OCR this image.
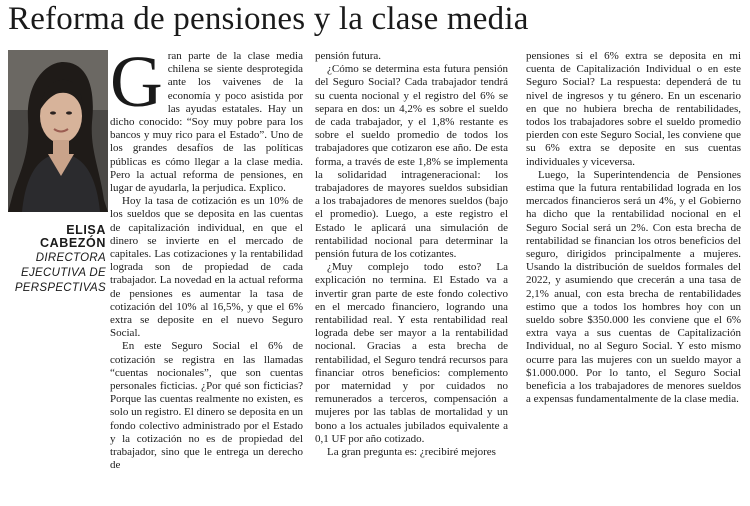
Reforma de pensiones y la clase media
ELISA
CABEZÓN
DIRECTORA
EJECUTIVA DE
PERSPECTIVAS

Gran parte de la clase media chilena se siente desprotegida ante los vaivenes de la economía y poco asistida por las ayudas estatales. Hay un dicho conocido: “Soy muy pobre para los bancos y muy rico para el Estado”. Uno de los grandes desafíos de las políticas públicas es cómo llegar a la clase media. Pero la actual reforma de pensiones, en lugar de ayudarla, la perjudica. Explico.

Hoy la tasa de cotización es un 10% de los sueldos que se deposita en las cuentas de capitalización individual, en que el dinero se invierte en el mercado de capitales. Las cotizaciones y la rentabilidad lograda son de propiedad de cada trabajador. La novedad en la actual reforma de pensiones es aumentar la tasa de cotización del 10% al 16,5%, y que el 6% extra se deposite en el nuevo Seguro Social.

En este Seguro Social el 6% de cotización se registra en las llamadas “cuentas nocionales”, que son cuentas personales ficticias. ¿Por qué son ficticias? Porque las cuentas realmente no existen, es solo un registro. El dinero se deposita en un fondo colectivo administrado por el Estado y la cotización no es de propiedad del trabajador, sino que le entrega un derecho de

pensión futura.

¿Cómo se determina esta futura pensión del Seguro Social? Cada trabajador tendrá su cuenta nocional y el registro del 6% se separa en dos: un 4,2% es sobre el sueldo de cada trabajador, y el 1,8% restante es sobre el sueldo promedio de todos los trabajadores que cotizaron ese año. De esta forma, a través de este 1,8% se implementa la solidaridad intrageneracional: los trabajadores de mayores sueldos subsidian a los trabajadores de menores sueldos (bajo el promedio). Luego, a este registro el Estado le aplicará una simulación de rentabilidad nocional para determinar la pensión futura de los cotizantes.

¿Muy complejo todo esto? La explicación no termina. El Estado va a invertir gran parte de este fondo colectivo en el mercado financiero, logrando una rentabilidad real. Y esta rentabilidad real lograda debe ser mayor a la rentabilidad nocional. Gracias a esta brecha de rentabilidad, el Seguro tendrá recursos para financiar otros beneficios: complemento por maternidad y por cuidados no remunerados a terceros, compensación a mujeres por las tablas de mortalidad y un bono a los actuales jubilados equivalente a 0,1 UF por año cotizado.

La gran pregunta es: ¿recibiré mejores

pensiones si el 6% extra se deposita en mi cuenta de Capitalización Individual o en este Seguro Social? La respuesta: dependerá de tu nivel de ingresos y tu género. En un escenario en que no hubiera brecha de rentabilidades, todos los trabajadores sobre el sueldo promedio pierden con este Seguro Social, les conviene que su 6% extra se deposite en sus cuentas individuales y viceversa.

Luego, la Superintendencia de Pensiones estima que la futura rentabilidad lograda en los mercados financieros será un 4%, y el Gobierno ha dicho que la rentabilidad nocional en el Seguro Social será un 2%. Con esta brecha de rentabilidad se financian los otros beneficios del seguro, dirigidos principalmente a mujeres. Usando la distribución de sueldos formales del 2022, y asumiendo que crecerán a una tasa de 2,1% anual, con esta brecha de rentabilidades estimo que a todos los hombres hoy con un sueldo sobre $350.000 les conviene que el 6% extra vaya a sus cuentas de Capitalización Individual, no al Seguro Social. Y esto mismo ocurre para las mujeres con un sueldo mayor a $1.000.000. Por lo tanto, el Seguro Social beneficia a los trabajadores de menores sueldos a expensas fundamentalmente de la clase media.
